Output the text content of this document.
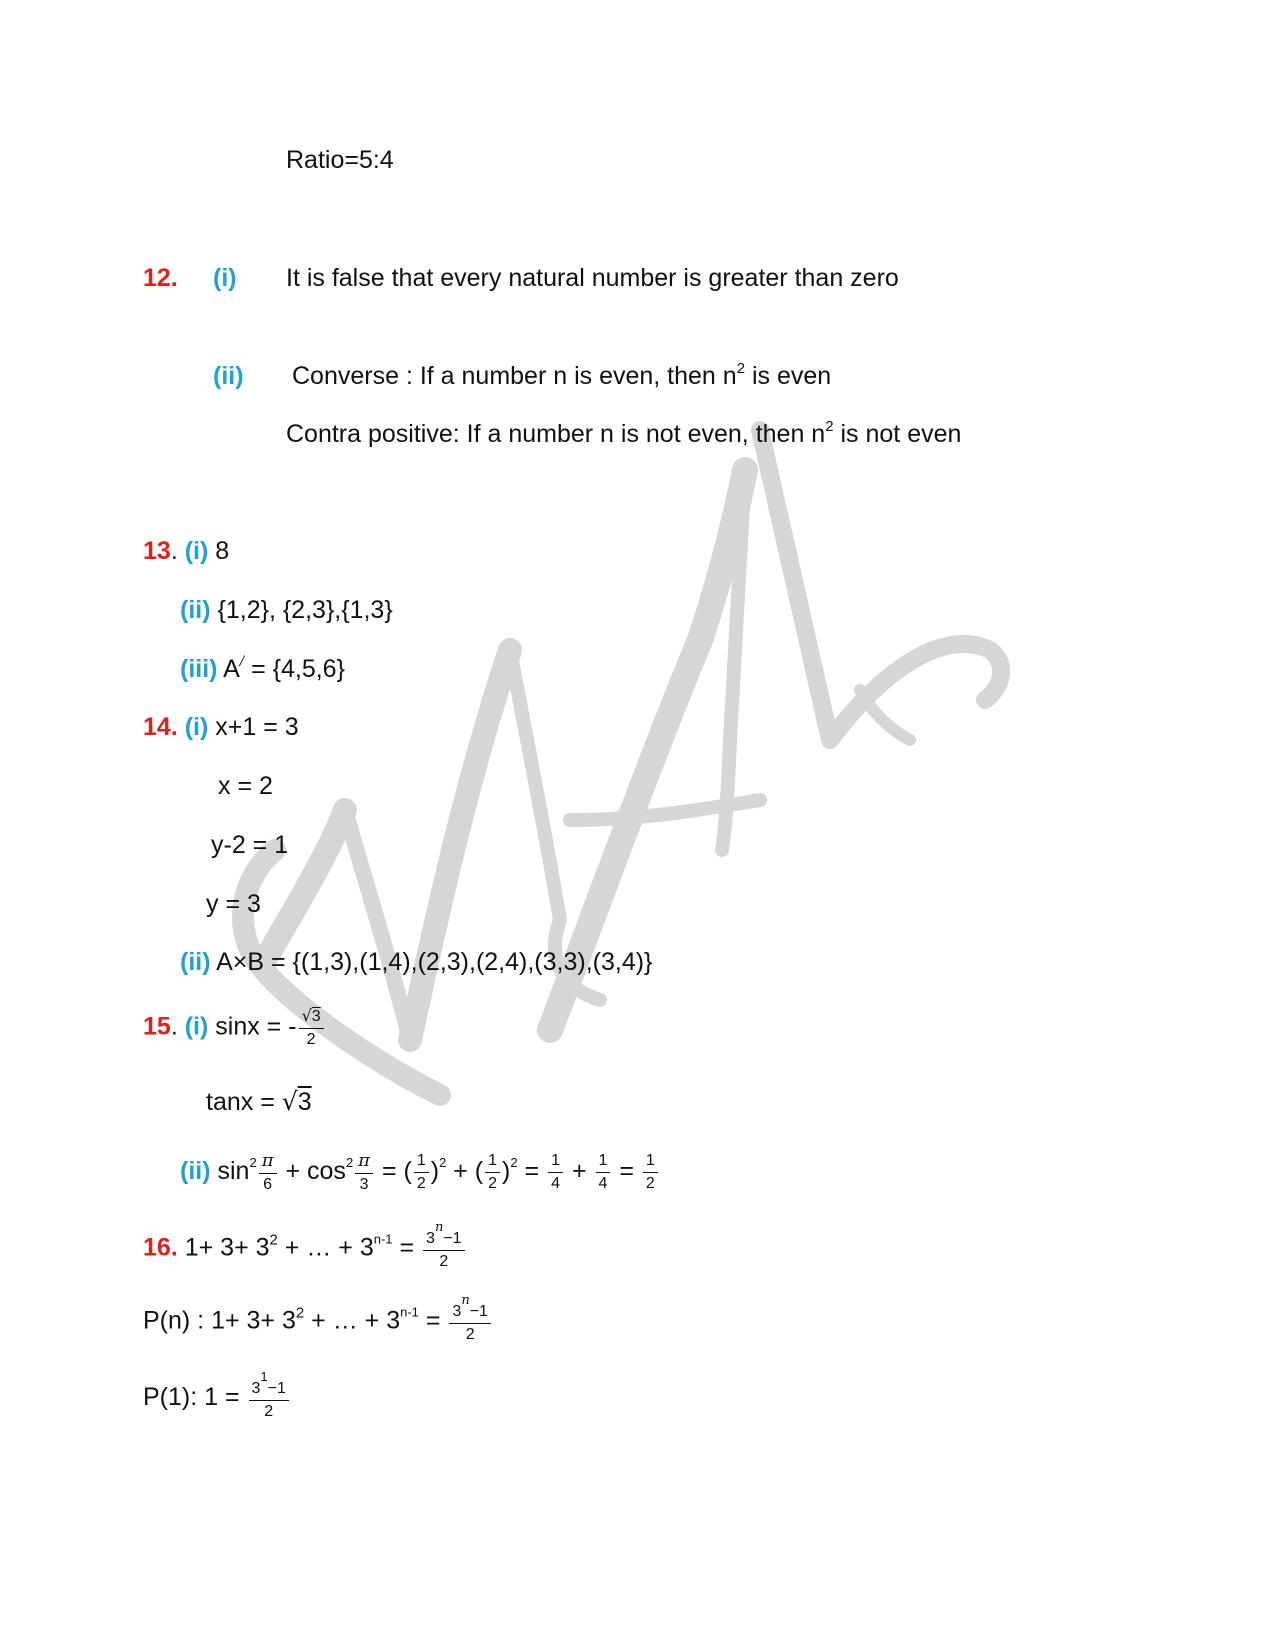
Ratio=5:4
12. (i) It is false that every natural number is greater than zero
(ii) Converse : If a number n is even, then $n^2$ is even
Contra positive: If a number n is not even, then $n^2$ is not even
13. (i) 8
(ii) {1,2}, {2,3},{1,3}
(iii) A/ = {4,5,6}
14. (i) x+1 = 3
x = 2
y-2 = 1
y = 3
(ii) A×B = {(1,3),(1,4),(2,3),(2,4),(3,3),(3,4)}
15. (i) sinx = - $\frac{√3}{2}$
tanx = √3
(ii) $\sin^2 \frac{\pi}{6} + \cos^2 \frac{\pi}{3}$ = ( $\frac{1}{2} )^2$ + ( $\frac{1}{2} )^2 = \frac{1}{4} + \frac{1}{4} = \frac{1}{2}$
16. $1+ 3+ 3^2$ + … + $3^{n-1} = \frac{3^n-1}{2}$
P(n) : $1+ 3+ 3^2$ + … + $3^{n-1} = \frac{3^n-1}{2}$
P(1): $1 = \frac{3^1-1}{2}$
